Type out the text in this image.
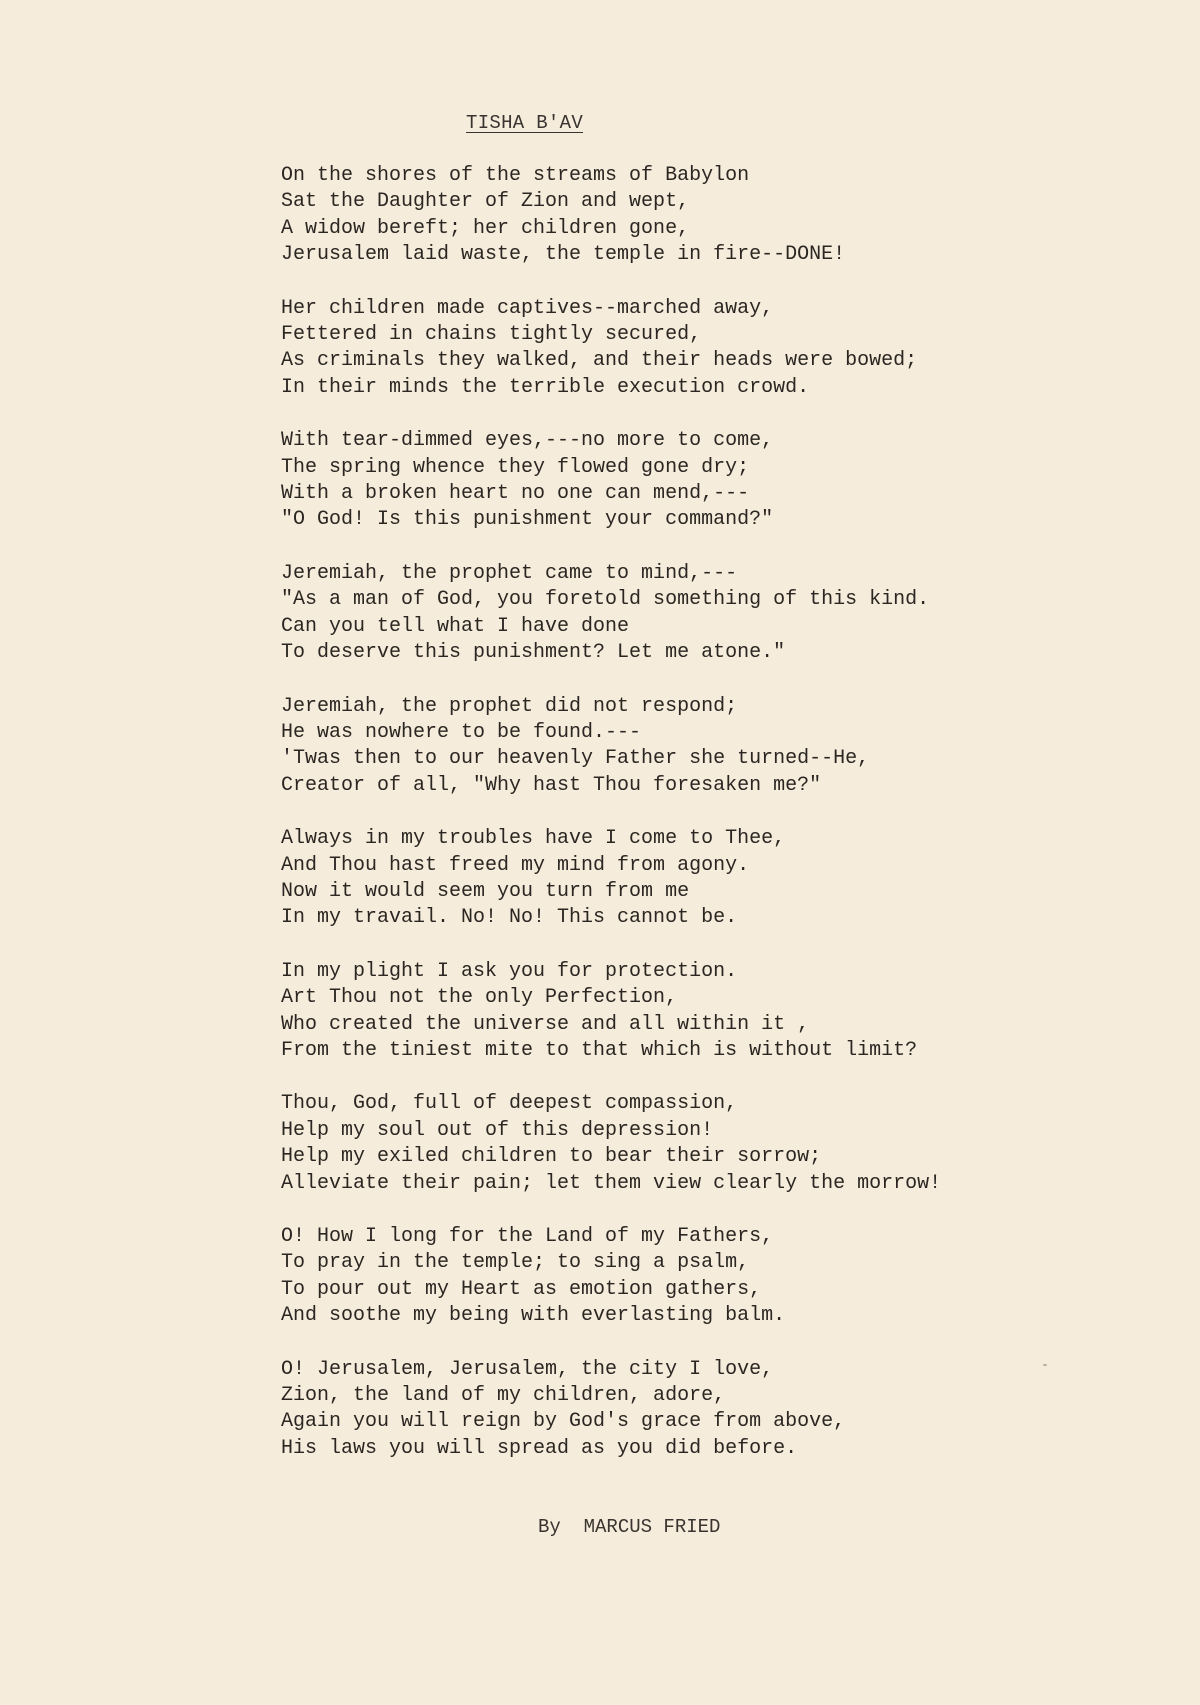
TISHA B'AV
On the shores of the streams of Babylon
Sat the Daughter of Zion and wept,
A widow bereft; her children gone,
Jerusalem laid waste, the temple in fire--DONE!
Her children made captives--marched away,
Fettered in chains tightly secured,
As criminals they walked, and their heads were bowed;
In their minds the terrible execution crowd.
With tear-dimmed eyes,---no more to come,
The spring whence they flowed gone dry;
With a broken heart no one can mend,---
"O God! Is this punishment your command?"
Jeremiah, the prophet came to mind,---
"As a man of God, you foretold something of this kind.
Can you tell what I have done
To deserve this punishment? Let me atone."
Jeremiah, the prophet did not respond;
He was nowhere to be found.---
'Twas then to our heavenly Father she turned--He,
Creator of all, "Why hast Thou foresaken me?"
Always in my troubles have I come to Thee,
And Thou hast freed my mind from agony.
Now it would seem you turn from me
In my travail. No! No! This cannot be.
In my plight I ask you for protection.
Art Thou not the only Perfection,
Who created the universe and all within it ,
From the tiniest mite to that which is without limit?
Thou, God, full of deepest compassion,
Help my soul out of this depression!
Help my exiled children to bear their sorrow;
Alleviate their pain; let them view clearly the morrow!
O! How I long for the Land of my Fathers,
To pray in the temple; to sing a psalm,
To pour out my Heart as emotion gathers,
And soothe my being with everlasting balm.
O! Jerusalem, Jerusalem, the city I love,
Zion, the land of my children, adore,
Again you will reign by God's grace from above,
His laws you will spread as you did before.
By  MARCUS FRIED
